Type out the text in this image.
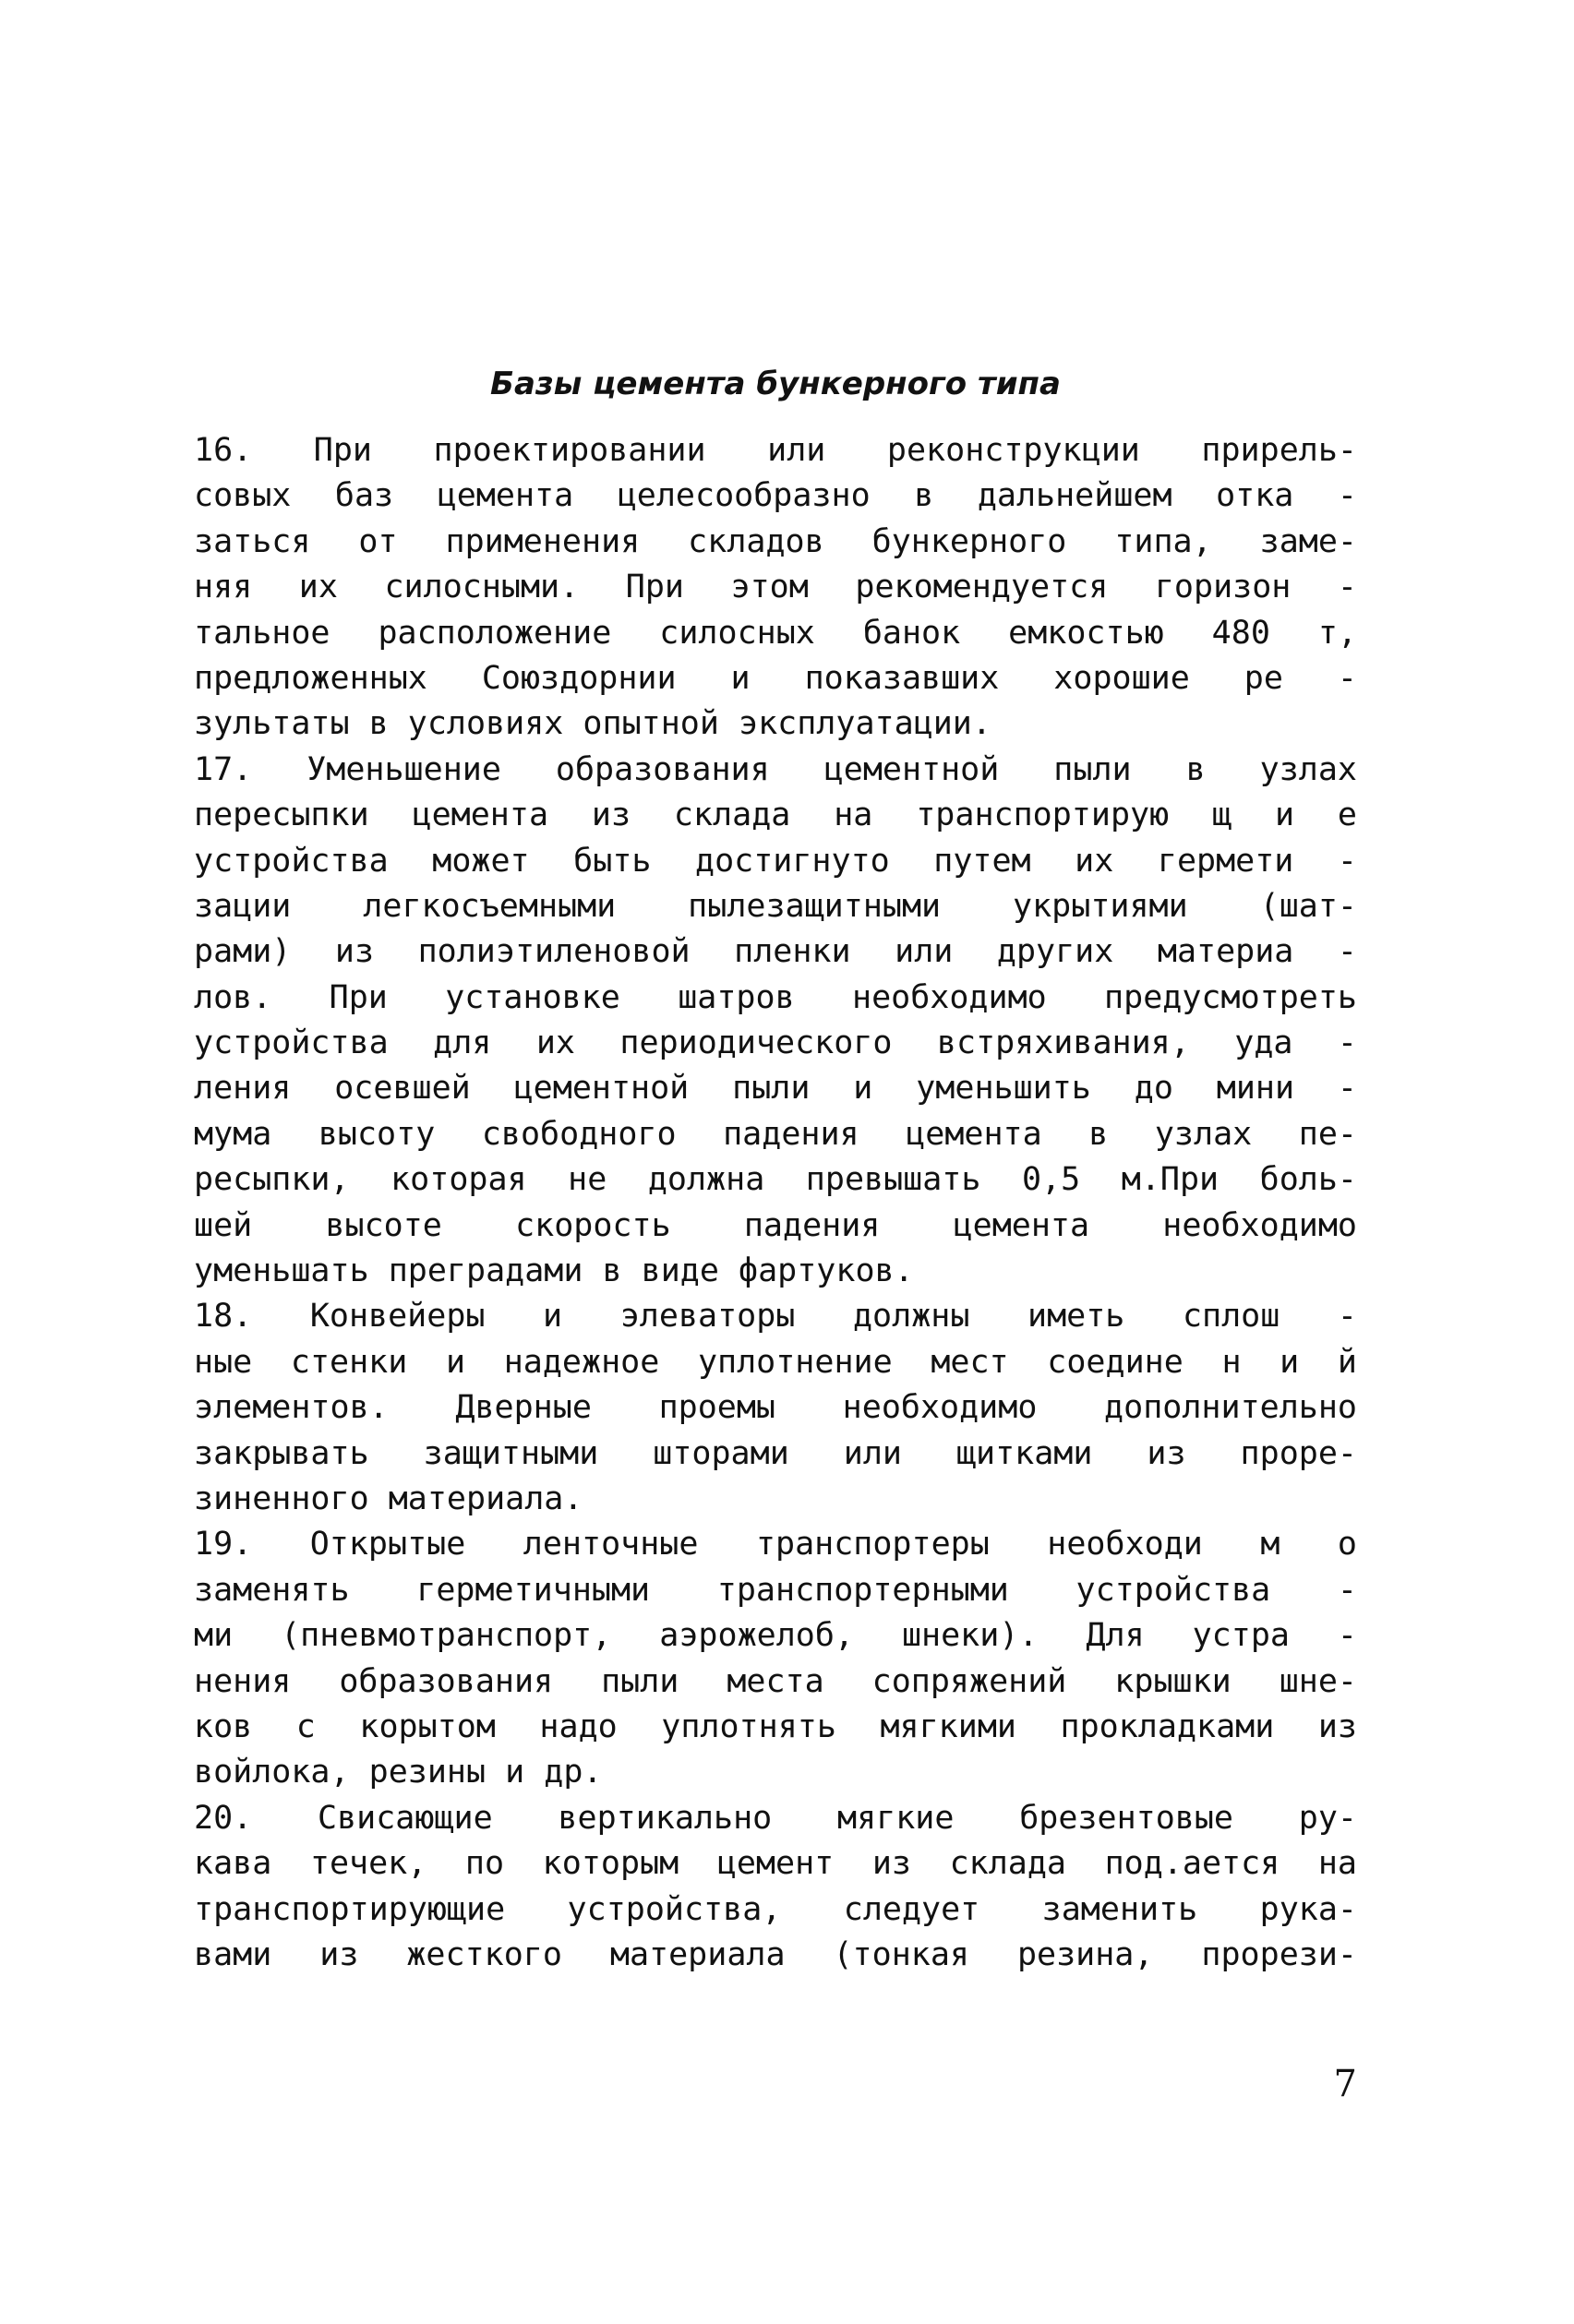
Базы цемента бункерного типа
16. При проектировании или реконструкции прирель-
совых баз цемента целесообразно в дальнейшем отка -
заться от применения складов бункерного типа, заме-
няя их силосными. При этом рекомендуется горизон -
тальное расположение силосных банок емкостью 480 т,
предложенных Союздорнии и показавших хорошие ре -
зультаты в условиях опытной эксплуатации.
17. Уменьшение образования цементной пыли в узлах
пересыпки цемента из склада на транспортирую щ и е
устройства может быть достигнуто путем их гермети -
зации легкосъемными пылезащитными укрытиями (шат-
рами) из полиэтиленовой пленки или других материа -
лов. При установке шатров необходимо предусмотреть
устройства для их периодического встряхивания, уда -
ления осевшей цементной пыли и уменьшить до мини -
мума высоту свободного падения цемента в узлах пе-
ресыпки, которая не должна превышать 0,5 м.При боль-
шей высоте скорость падения цемента необходимо
уменьшать преградами в виде фартуков.
18. Конвейеры и элеваторы должны иметь сплош -
ные стенки и надежное уплотнение мест соедине н и й
элементов. Дверные проемы необходимо дополнительно
закрывать защитными шторами или щитками из проре-
зиненного материала.
19. Открытые ленточные транспортеры необходи м о
заменять герметичными транспортерными устройства -
ми (пневмотранспорт, аэрожелоб, шнеки). Для устра -
нения образования пыли места сопряжений крышки шне-
ков с корытом надо уплотнять мягкими прокладками из
войлока, резины и др.
20. Свисающие вертикально мягкие брезентовые ру-
кава течек, по которым цемент из склада под.ается на
транспортирующие устройства, следует заменить рука-
вами из жесткого материала (тонкая резина, прорези-
7
